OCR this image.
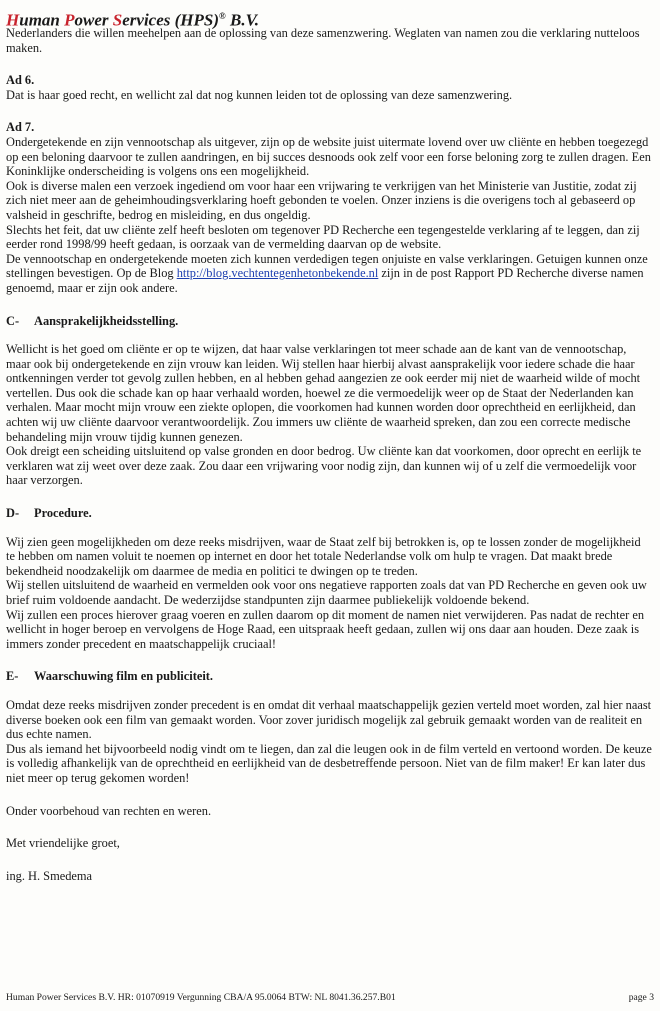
Human Power Services (HPS)® B.V.

Nederlanders die willen meehelpen aan de oplossing van deze samenzwering. Weglaten van namen zou die verklaring nutteloos maken.

Ad 6.

Dat is haar goed recht, en wellicht zal dat nog kunnen leiden tot de oplossing van deze samenzwering.

Ad 7.

Ondergetekende en zijn vennootschap als uitgever, zijn op de website juist uitermate lovend over uw cliënte en hebben toegezegd op een beloning daarvoor te zullen aandringen, en bij succes desnoods ook zelf voor een forse beloning zorg te zullen dragen. Een Koninklijke onderscheiding is volgens ons een mogelijkheid.

Ook is diverse malen een verzoek ingediend om voor haar een vrijwaring te verkrijgen van het Ministerie van Justitie, zodat zij zich niet meer aan de geheimhoudingsverklaring hoeft gebonden te voelen. Onzer inziens is die overigens toch al gebaseerd op valsheid in geschrifte, bedrog en misleiding, en dus ongeldig.

Slechts het feit, dat uw cliënte zelf heeft besloten om tegenover PD Recherche een tegengestelde verklaring af te leggen, dan zij eerder rond 1998/99 heeft gedaan, is oorzaak van de vermelding daarvan op de website.

De vennootschap en ondergetekende moeten zich kunnen verdedigen tegen onjuiste en valse verklaringen. Getuigen kunnen onze stellingen bevestigen. Op de Blog http://blog.vechtentegenhetonbekende.nl zijn in de post Rapport PD Recherche diverse namen genoemd, maar er zijn ook andere.

C- Aansprakelijkheidsstelling.

Wellicht is het goed om cliënte er op te wijzen, dat haar valse verklaringen tot meer schade aan de kant van de vennootschap, maar ook bij ondergetekende en zijn vrouw kan leiden. Wij stellen haar hierbij alvast aansprakelijk voor iedere schade die haar ontkenningen verder tot gevolg zullen hebben, en al hebben gehad aangezien ze ook eerder mij niet de waarheid wilde of mocht vertellen. Dus ook die schade kan op haar verhaald worden, hoewel ze die vermoedelijk weer op de Staat der Nederlanden kan verhalen. Maar mocht mijn vrouw een ziekte oplopen, die voorkomen had kunnen worden door oprechtheid en eerlijkheid, dan achten wij uw cliënte daarvoor verantwoordelijk. Zou immers uw cliënte de waarheid spreken, dan zou een correcte medische behandeling mijn vrouw tijdig kunnen genezen.

Ook dreigt een scheiding uitsluitend op valse gronden en door bedrog. Uw cliënte kan dat voorkomen, door oprecht en eerlijk te verklaren wat zij weet over deze zaak. Zou daar een vrijwaring voor nodig zijn, dan kunnen wij of u zelf die vermoedelijk voor haar verzorgen.

D- Procedure.

Wij zien geen mogelijkheden om deze reeks misdrijven, waar de Staat zelf bij betrokken is, op te lossen zonder de mogelijkheid te hebben om namen voluit te noemen op internet en door het totale Nederlandse volk om hulp te vragen. Dat maakt brede bekendheid noodzakelijk om daarmee de media en politici te dwingen op te treden.

Wij stellen uitsluitend de waarheid en vermelden ook voor ons negatieve rapporten zoals dat van PD Recherche en geven ook uw brief ruim voldoende aandacht. De wederzijdse standpunten zijn daarmee publiekelijk voldoende bekend.

Wij zullen een proces hierover graag voeren en zullen daarom op dit moment de namen niet verwijderen. Pas nadat de rechter en wellicht in hoger beroep en vervolgens de Hoge Raad, een uitspraak heeft gedaan, zullen wij ons daar aan houden. Deze zaak is immers zonder precedent en maatschappelijk cruciaal!

E- Waarschuwing film en publiciteit.

Omdat deze reeks misdrijven zonder precedent is en omdat dit verhaal maatschappelijk gezien verteld moet worden, zal hier naast diverse boeken ook een film van gemaakt worden. Voor zover juridisch mogelijk zal gebruik gemaakt worden van de realiteit en dus echte namen.

Dus als iemand het bijvoorbeeld nodig vindt om te liegen, dan zal die leugen ook in de film verteld en vertoond worden. De keuze is volledig afhankelijk van de oprechtheid en eerlijkheid van de desbetreffende persoon. Niet van de film maker! Er kan later dus niet meer op terug gekomen worden!

Onder voorbehoud van rechten en weren.

Met vriendelijke groet,

ing. H. Smedema

Human Power Services B.V. HR: 01070919 Vergunning CBA/A 95.0064 BTW: NL 8041.36.257.B01	page 3
